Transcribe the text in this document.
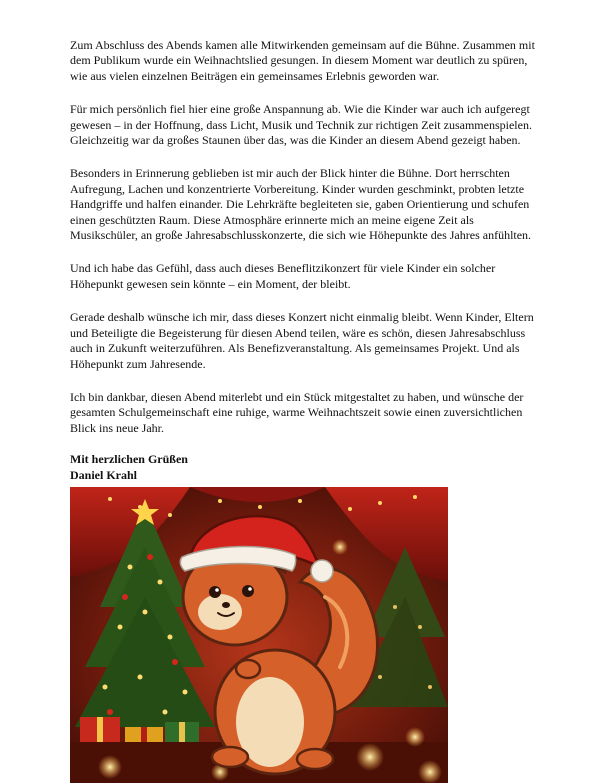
Zum Abschluss des Abends kamen alle Mitwirkenden gemeinsam auf die Bühne. Zusammen mit dem Publikum wurde ein Weihnachtslied gesungen. In diesem Moment war deutlich zu spüren, wie aus vielen einzelnen Beiträgen ein gemeinsames Erlebnis geworden war.

Für mich persönlich fiel hier eine große Anspannung ab. Wie die Kinder war auch ich aufgeregt gewesen – in der Hoffnung, dass Licht, Musik und Technik zur richtigen Zeit zusammenspielen. Gleichzeitig war da großes Staunen über das, was die Kinder an diesem Abend gezeigt haben.

Besonders in Erinnerung geblieben ist mir auch der Blick hinter die Bühne. Dort herrschten Aufregung, Lachen und konzentrierte Vorbereitung. Kinder wurden geschminkt, probten letzte Handgriffe und halfen einander. Die Lehrkräfte begleiteten sie, gaben Orientierung und schufen einen geschützten Raum. Diese Atmosphäre erinnerte mich an meine eigene Zeit als Musikschüler, an große Jahresabschlusskonzerte, die sich wie Höhepunkte des Jahres anfühlten.

Und ich habe das Gefühl, dass auch dieses Beneflitzikonzert für viele Kinder ein solcher Höhepunkt gewesen sein könnte – ein Moment, der bleibt.

Gerade deshalb wünsche ich mir, dass dieses Konzert nicht einmalig bleibt. Wenn Kinder, Eltern und Beteiligte die Begeisterung für diesen Abend teilen, wäre es schön, diesen Jahresabschluss auch in Zukunft weiterzuführen. Als Benefizveranstaltung. Als gemeinsames Projekt. Und als Höhepunkt zum Jahresende.

Ich bin dankbar, diesen Abend miterlebt und ein Stück mitgestaltet zu haben, und wünsche der gesamten Schulgemeinschaft eine ruhige, warme Weihnachtszeit sowie einen zuversichtlichen Blick ins neue Jahr.

Mit herzlichen Grüßen
Daniel Krahl
